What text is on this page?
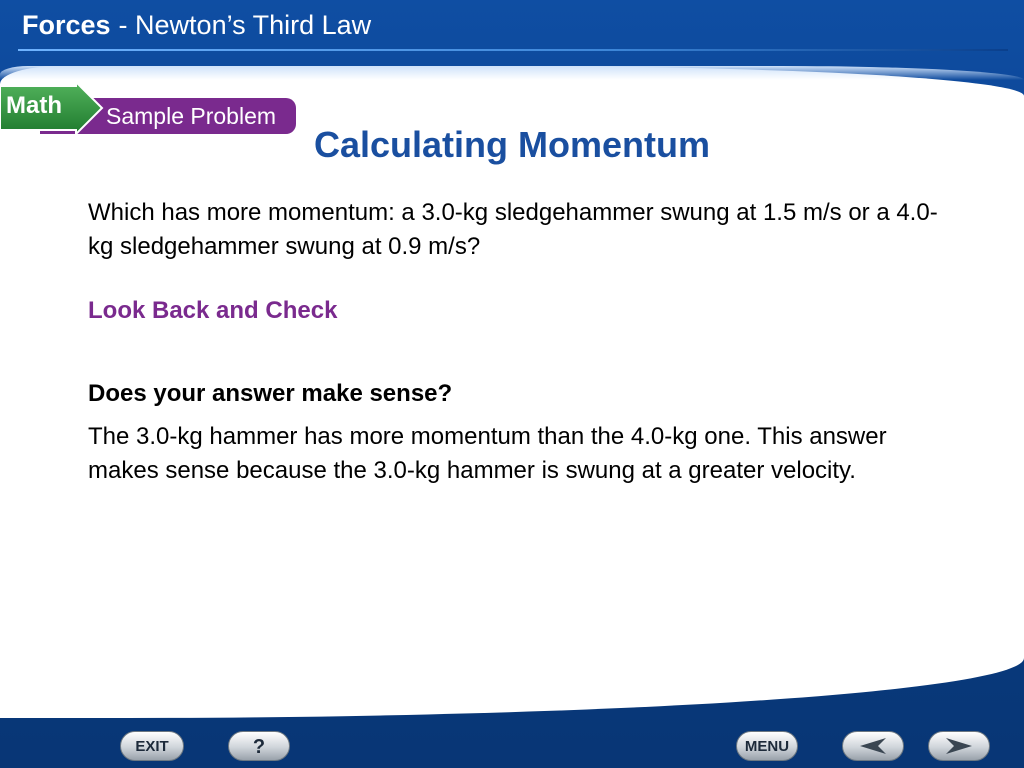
Forces - Newton’s Third Law
Sample Problem
Math
Calculating Momentum
Which has more momentum: a 3.0-kg sledgehammer swung at 1.5 m/s or a 4.0-kg sledgehammer swung at 0.9 m/s?
Look Back and Check
Does your answer make sense?
The 3.0-kg hammer has more momentum than the 4.0-kg one. This answer makes sense because the 3.0-kg hammer is swung at a greater velocity.
EXIT	?	MENU
